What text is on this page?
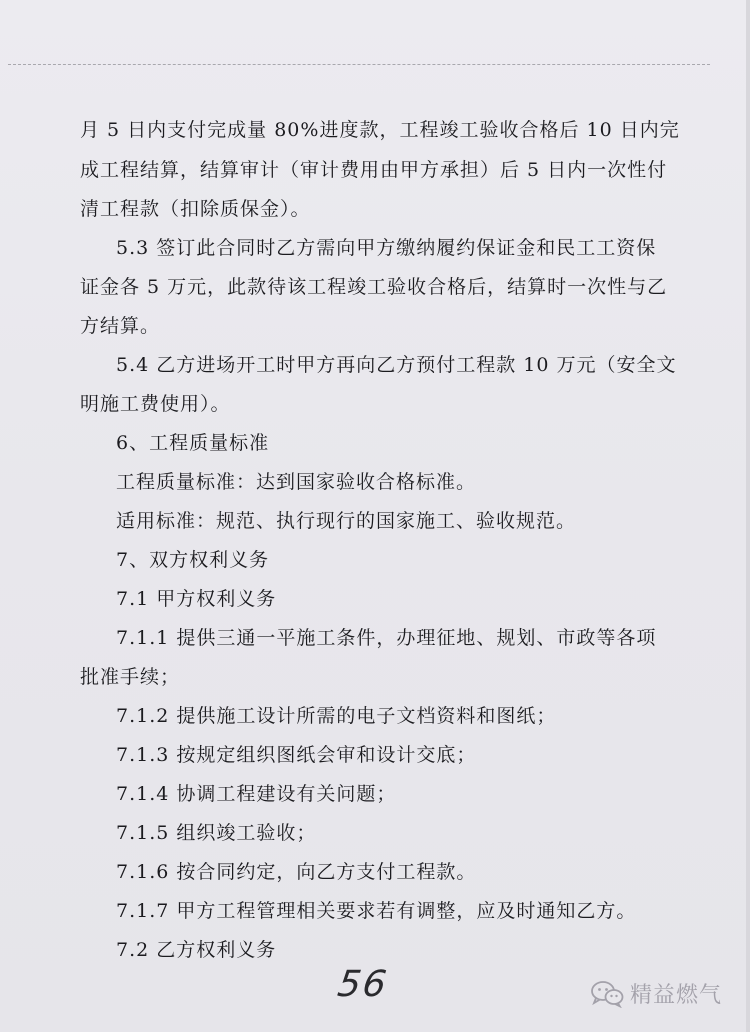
月 5 日内支付完成量 80%进度款，工程竣工验收合格后 10 日内完
成工程结算，结算审计（审计费用由甲方承担）后 5 日内一次性付
清工程款（扣除质保金）。
5.3 签订此合同时乙方需向甲方缴纳履约保证金和民工工资保
证金各 5 万元，此款待该工程竣工验收合格后，结算时一次性与乙
方结算。
5.4 乙方进场开工时甲方再向乙方预付工程款 10 万元（安全文
明施工费使用）。
6、工程质量标准
工程质量标准：达到国家验收合格标准。
适用标准：规范、执行现行的国家施工、验收规范。
7、双方权利义务
7.1 甲方权利义务
7.1.1 提供三通一平施工条件，办理征地、规划、市政等各项
批准手续；
7.1.2 提供施工设计所需的电子文档资料和图纸；
7.1.3 按规定组织图纸会审和设计交底；
7.1.4 协调工程建设有关问题；
7.1.5 组织竣工验收；
7.1.6 按合同约定，向乙方支付工程款。
7.1.7 甲方工程管理相关要求若有调整，应及时通知乙方。
7.2 乙方权利义务
56	精益燃气
